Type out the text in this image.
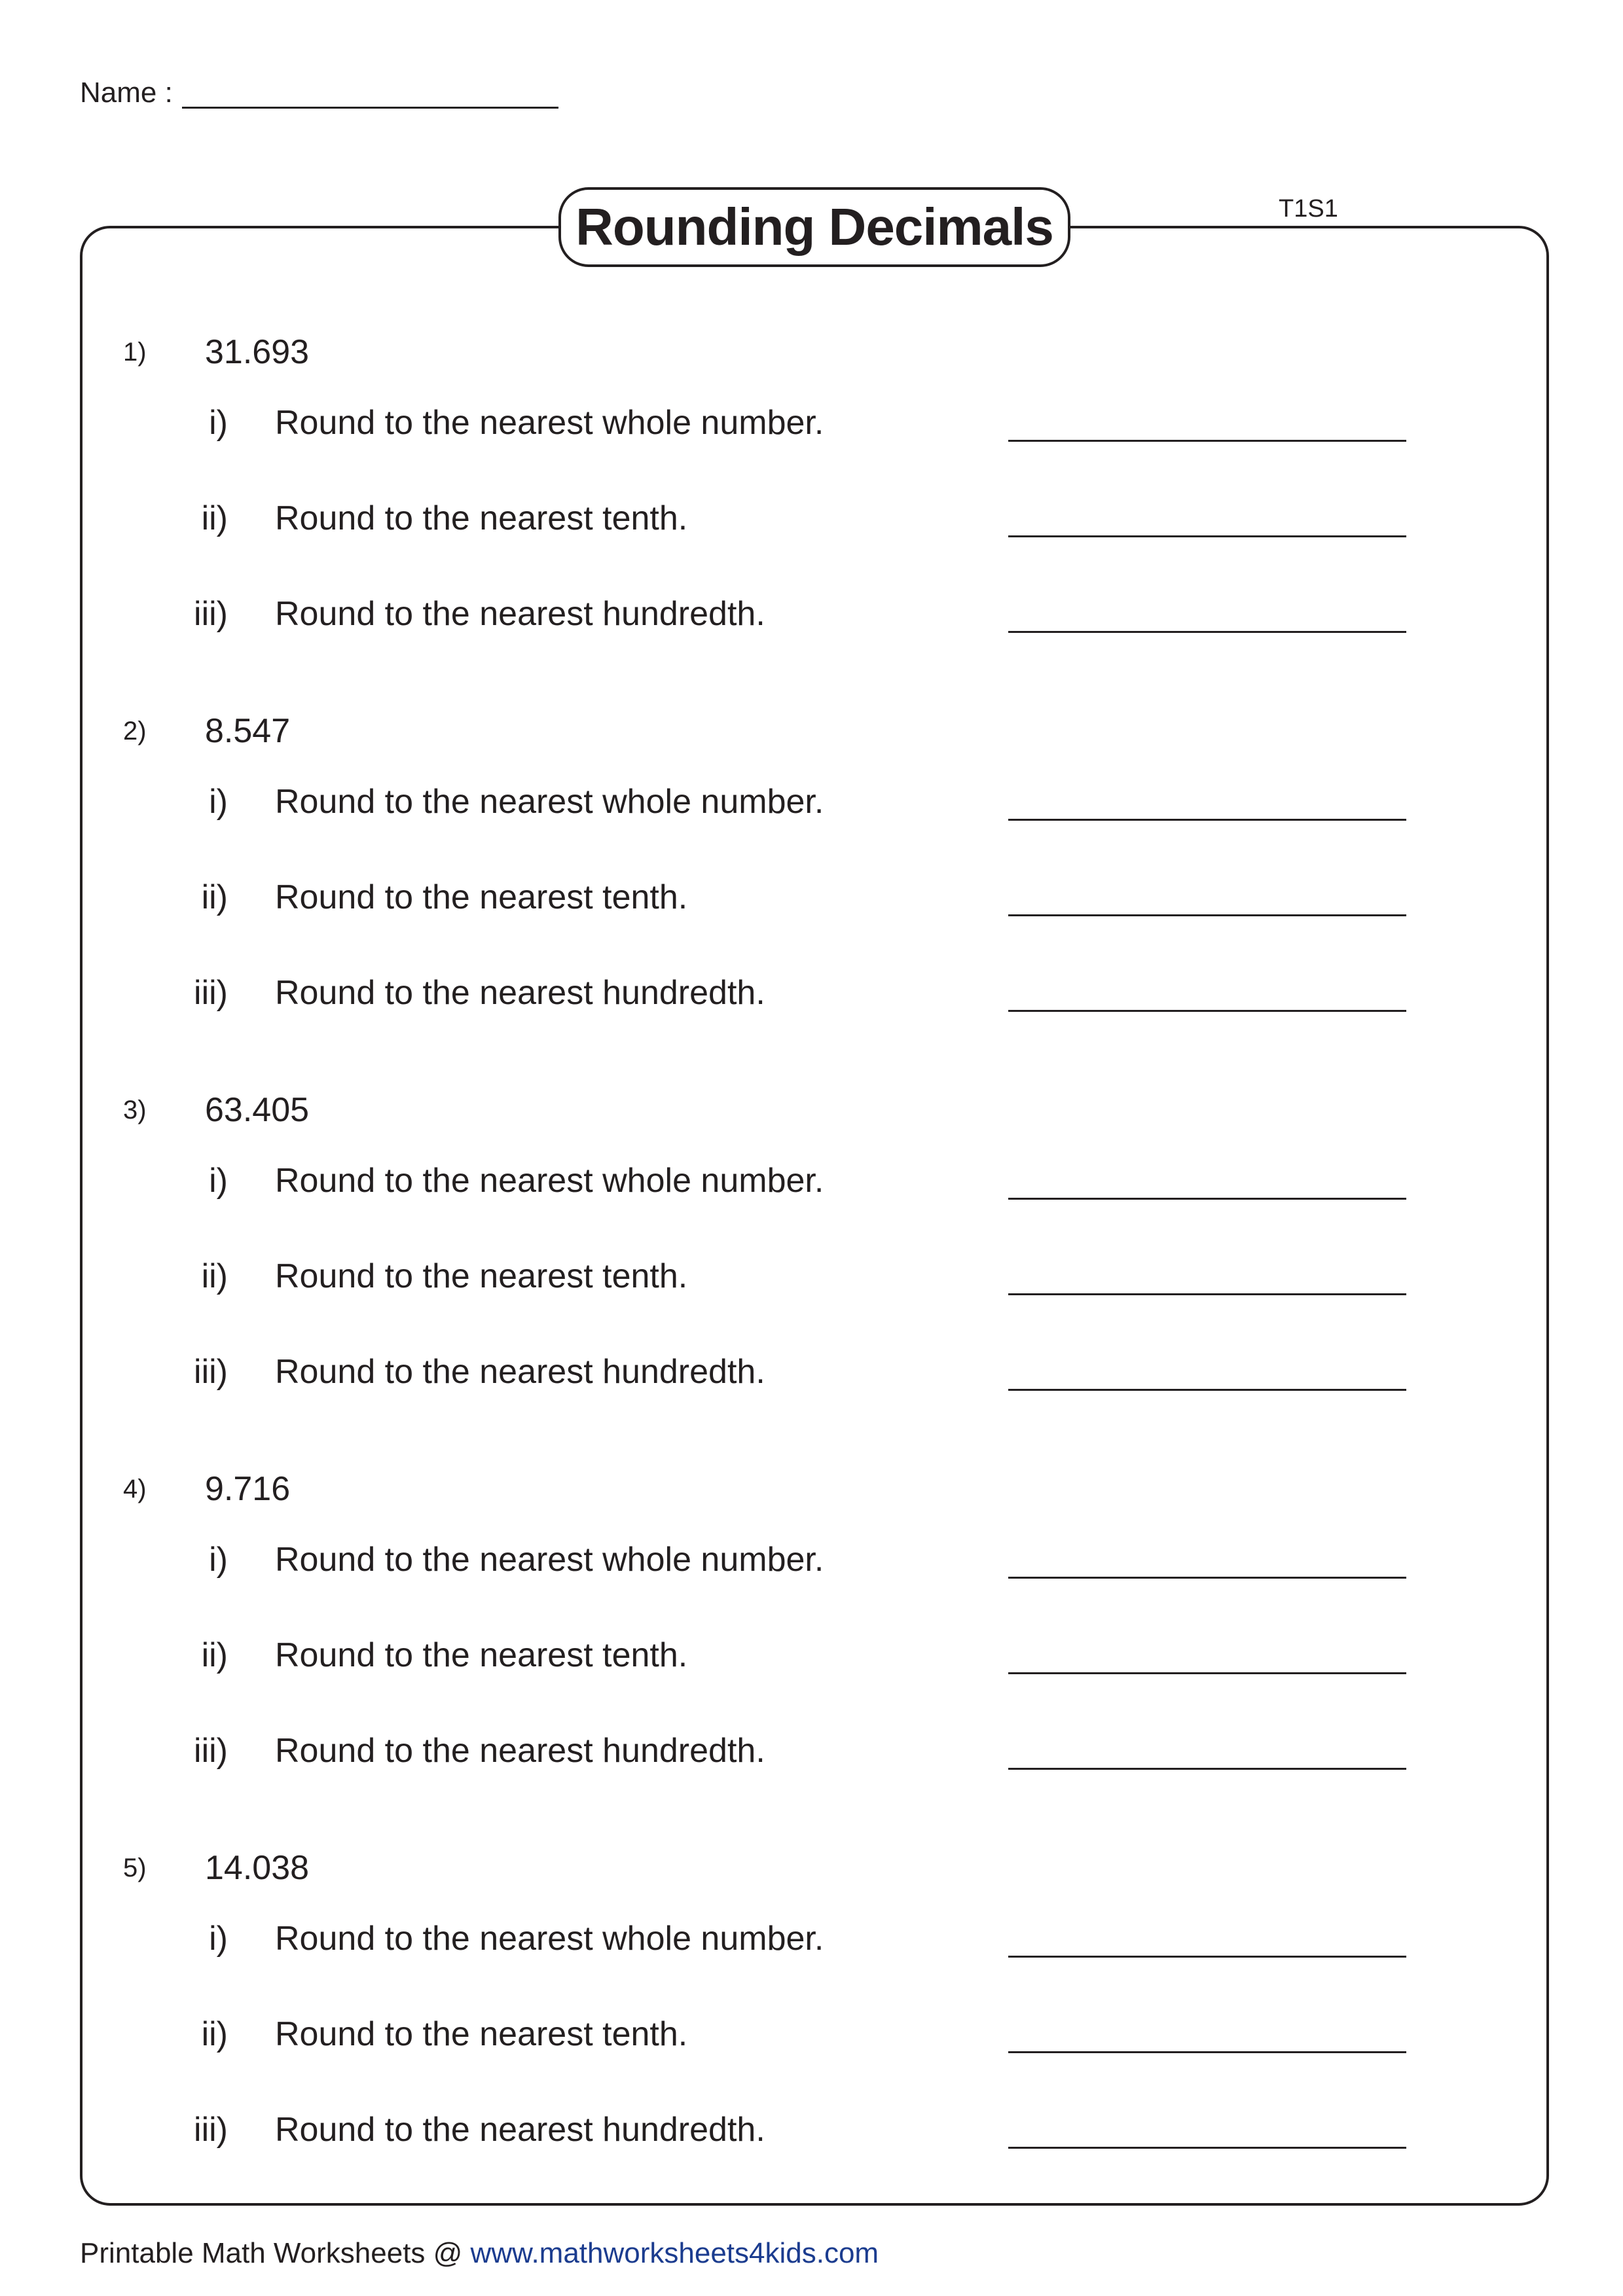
Name :
Rounding Decimals	T1S1
1) 31.693
i) Round to the nearest whole number.
ii) Round to the nearest tenth.
iii) Round to the nearest hundredth.
2) 8.547
i) Round to the nearest whole number.
ii) Round to the nearest tenth.
iii) Round to the nearest hundredth.
3) 63.405
i) Round to the nearest whole number.
ii) Round to the nearest tenth.
iii) Round to the nearest hundredth.
4) 9.716
i) Round to the nearest whole number.
ii) Round to the nearest tenth.
iii) Round to the nearest hundredth.
5) 14.038
i) Round to the nearest whole number.
ii) Round to the nearest tenth.
iii) Round to the nearest hundredth.
Printable Math Worksheets @ www.mathworksheets4kids.com
